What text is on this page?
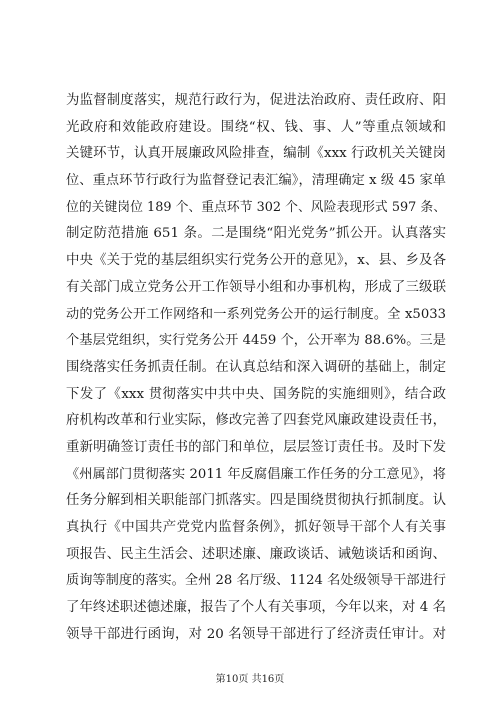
为监督制度落实，规范行政行为，促进法治政府、责任政府、阳
光政府和效能政府建设。围绕“权、钱、事、人”等重点领域和
关键环节，认真开展廉政风险排查，编制《xxx 行政机关关键岗
位、重点环节行政行为监督登记表汇编》，清理确定 x 级 45 家单
位的关键岗位 189 个、重点环节 302 个、风险表现形式 597 条、
制定防范措施 651 条。二是围绕“阳光党务”抓公开。认真落实
中央《关于党的基层组织实行党务公开的意见》，x、县、乡及各
有关部门成立党务公开工作领导小组和办事机构，形成了三级联
动的党务公开工作网络和一系列党务公开的运行制度。全 x5033
个基层党组织，实行党务公开 4459 个，公开率为 88.6%。三是
围绕落实任务抓责任制。在认真总结和深入调研的基础上，制定
下发了《xxx 贯彻落实中共中央、国务院的实施细则》，结合政
府机构改革和行业实际，修改完善了四套党风廉政建设责任书，
重新明确签订责任书的部门和单位，层层签订责任书。及时下发
《州属部门贯彻落实 2011 年反腐倡廉工作任务的分工意见》，将
任务分解到相关职能部门抓落实。四是围绕贯彻执行抓制度。认
真执行《中国共产党党内监督条例》，抓好领导干部个人有关事
项报告、民主生活会、述职述廉、廉政谈话、诫勉谈话和函询、
质询等制度的落实。全州 28 名厅级、1124 名处级领导干部进行
了年终述职述德述廉，报告了个人有关事项，今年以来，对 4 名
领导干部进行函询，对 20 名领导干部进行了经济责任审计。对
第10页 共16页
